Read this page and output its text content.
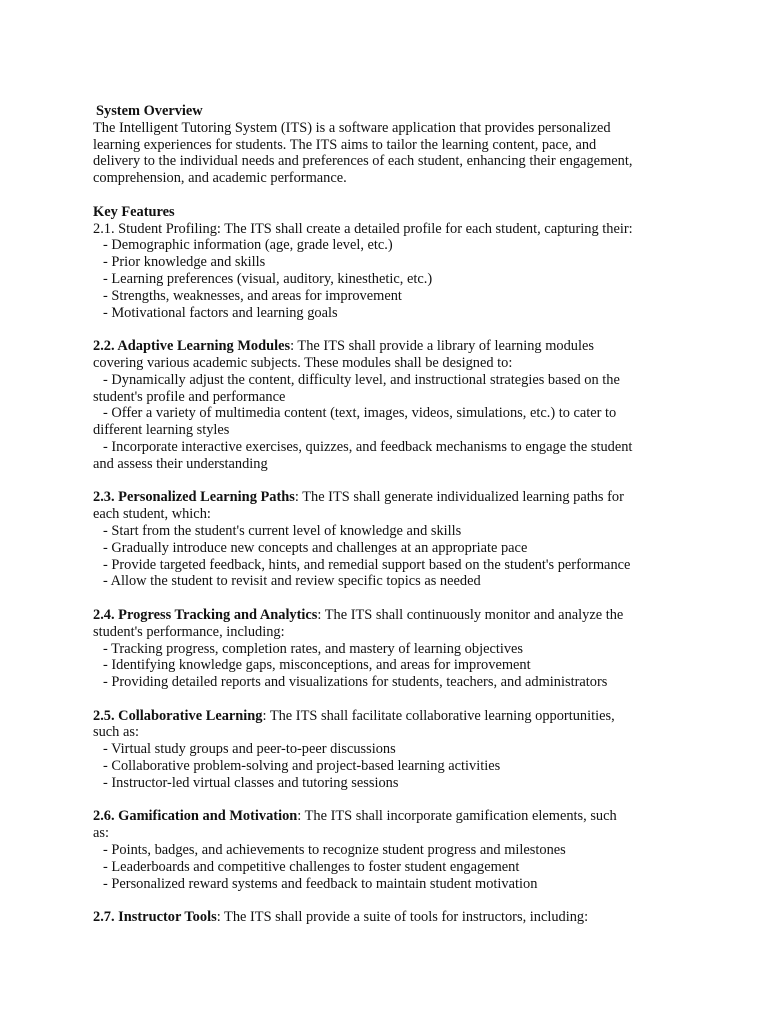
System Overview
The Intelligent Tutoring System (ITS) is a software application that provides personalized
learning experiences for students. The ITS aims to tailor the learning content, pace, and
delivery to the individual needs and preferences of each student, enhancing their engagement,
comprehension, and academic performance.
Key Features
2.1. Student Profiling: The ITS shall create a detailed profile for each student, capturing their:
- Demographic information (age, grade level, etc.)
- Prior knowledge and skills
- Learning preferences (visual, auditory, kinesthetic, etc.)
- Strengths, weaknesses, and areas for improvement
- Motivational factors and learning goals
2.2. Adaptive Learning Modules: The ITS shall provide a library of learning modules
covering various academic subjects. These modules shall be designed to:
- Dynamically adjust the content, difficulty level, and instructional strategies based on the
student's profile and performance
- Offer a variety of multimedia content (text, images, videos, simulations, etc.) to cater to
different learning styles
- Incorporate interactive exercises, quizzes, and feedback mechanisms to engage the student
and assess their understanding
2.3. Personalized Learning Paths: The ITS shall generate individualized learning paths for
each student, which:
- Start from the student's current level of knowledge and skills
- Gradually introduce new concepts and challenges at an appropriate pace
- Provide targeted feedback, hints, and remedial support based on the student's performance
- Allow the student to revisit and review specific topics as needed
2.4. Progress Tracking and Analytics: The ITS shall continuously monitor and analyze the
student's performance, including:
- Tracking progress, completion rates, and mastery of learning objectives
- Identifying knowledge gaps, misconceptions, and areas for improvement
- Providing detailed reports and visualizations for students, teachers, and administrators
2.5. Collaborative Learning: The ITS shall facilitate collaborative learning opportunities,
such as:
- Virtual study groups and peer-to-peer discussions
- Collaborative problem-solving and project-based learning activities
- Instructor-led virtual classes and tutoring sessions
2.6. Gamification and Motivation: The ITS shall incorporate gamification elements, such
as:
- Points, badges, and achievements to recognize student progress and milestones
- Leaderboards and competitive challenges to foster student engagement
- Personalized reward systems and feedback to maintain student motivation
2.7. Instructor Tools: The ITS shall provide a suite of tools for instructors, including:
